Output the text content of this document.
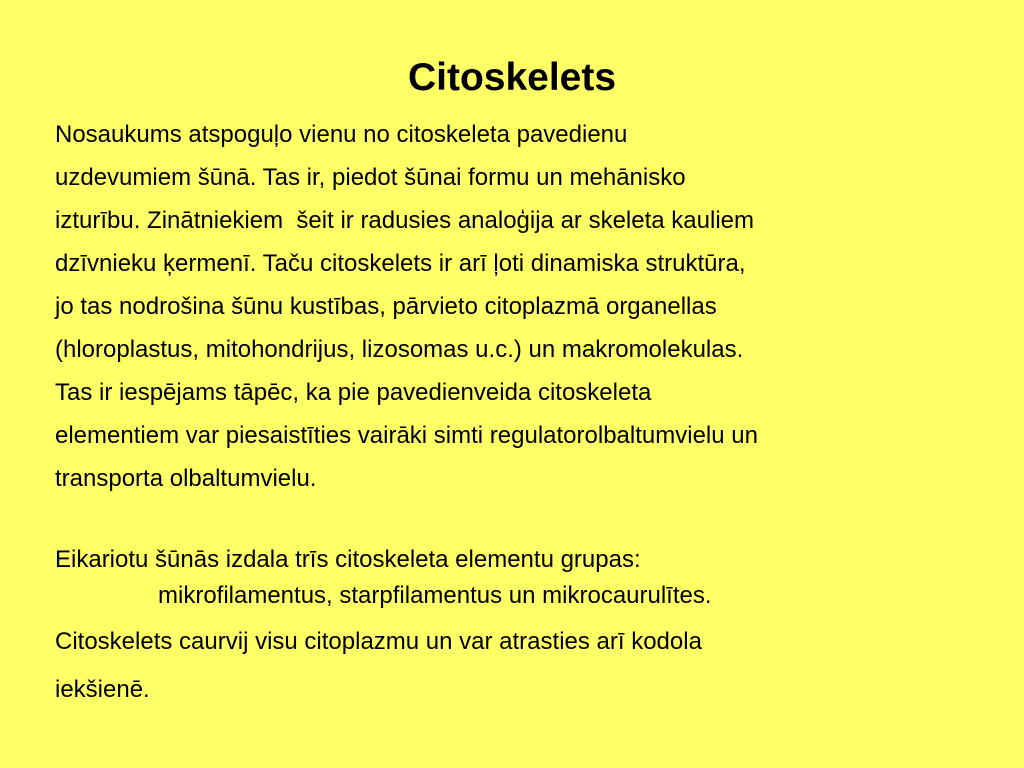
Citoskelets
Nosaukums atspoguļo vienu no citoskeleta pavedienu
uzdevumiem šūnā. Tas ir, piedot šūnai formu un mehānisko
izturību. Zinātniekiem  šeit ir radusies analoģija ar skeleta kauliem
dzīvnieku ķermenī. Taču citoskelets ir arī ļoti dinamiska struktūra,
jo tas nodrošina šūnu kustības, pārvieto citoplazmā organellas
(hloroplastus, mitohondrijus, lizosomas u.c.) un makromolekulas.
Tas ir iespējams tāpēc, ka pie pavedienveida citoskeleta
elementiem var piesaistīties vairāki simti regulatorolbaltumvielu un
transporta olbaltumvielu.
Eikariotu šūnās izdala trīs citoskeleta elementu grupas:
mikrofilamentus, starpfilamentus un mikrocaurulītes.
Citoskelets caurvij visu citoplazmu un var atrasties arī kodola
iekšienē.
